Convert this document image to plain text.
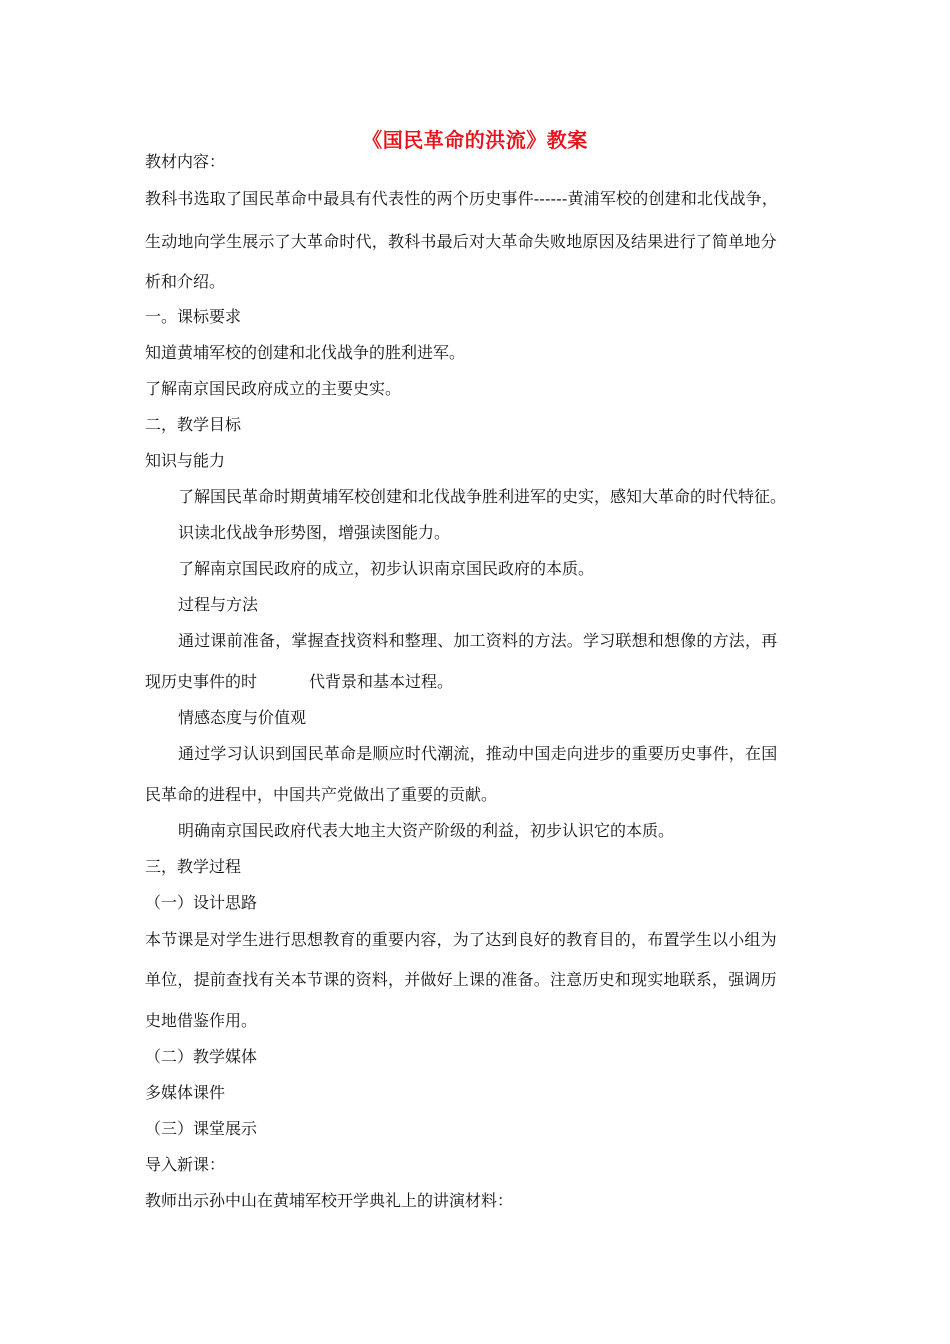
《国民革命的洪流》教案
教材内容：
教科书选取了国民革命中最具有代表性的两个历史事件------黄浦军校的创建和北伐战争，
生动地向学生展示了大革命时代，教科书最后对大革命失败地原因及结果进行了简单地分
析和介绍。
一。课标要求
知道黄埔军校的创建和北伐战争的胜利进军。
了解南京国民政府成立的主要史实。
二，教学目标
知识与能力
了解国民革命时期黄埔军校创建和北伐战争胜利进军的史实，感知大革命的时代特征。
识读北伐战争形势图，增强读图能力。
了解南京国民政府的成立，初步认识南京国民政府的本质。
过程与方法
通过课前准备，掌握查找资料和整理、加工资料的方法。学习联想和想像的方法，再
现历史事件的时	代背景和基本过程。
情感态度与价值观
通过学习认识到国民革命是顺应时代潮流，推动中国走向进步的重要历史事件，在国
民革命的进程中，中国共产党做出了重要的贡献。
明确南京国民政府代表大地主大资产阶级的利益，初步认识它的本质。
三，教学过程
（一）设计思路
本节课是对学生进行思想教育的重要内容，为了达到良好的教育目的，布置学生以小组为
单位，提前查找有关本节课的资料，并做好上课的准备。注意历史和现实地联系，强调历
史地借鉴作用。
（二）教学媒体
多媒体课件
（三）课堂展示
导入新课：
教师出示孙中山在黄埔军校开学典礼上的讲演材料：
